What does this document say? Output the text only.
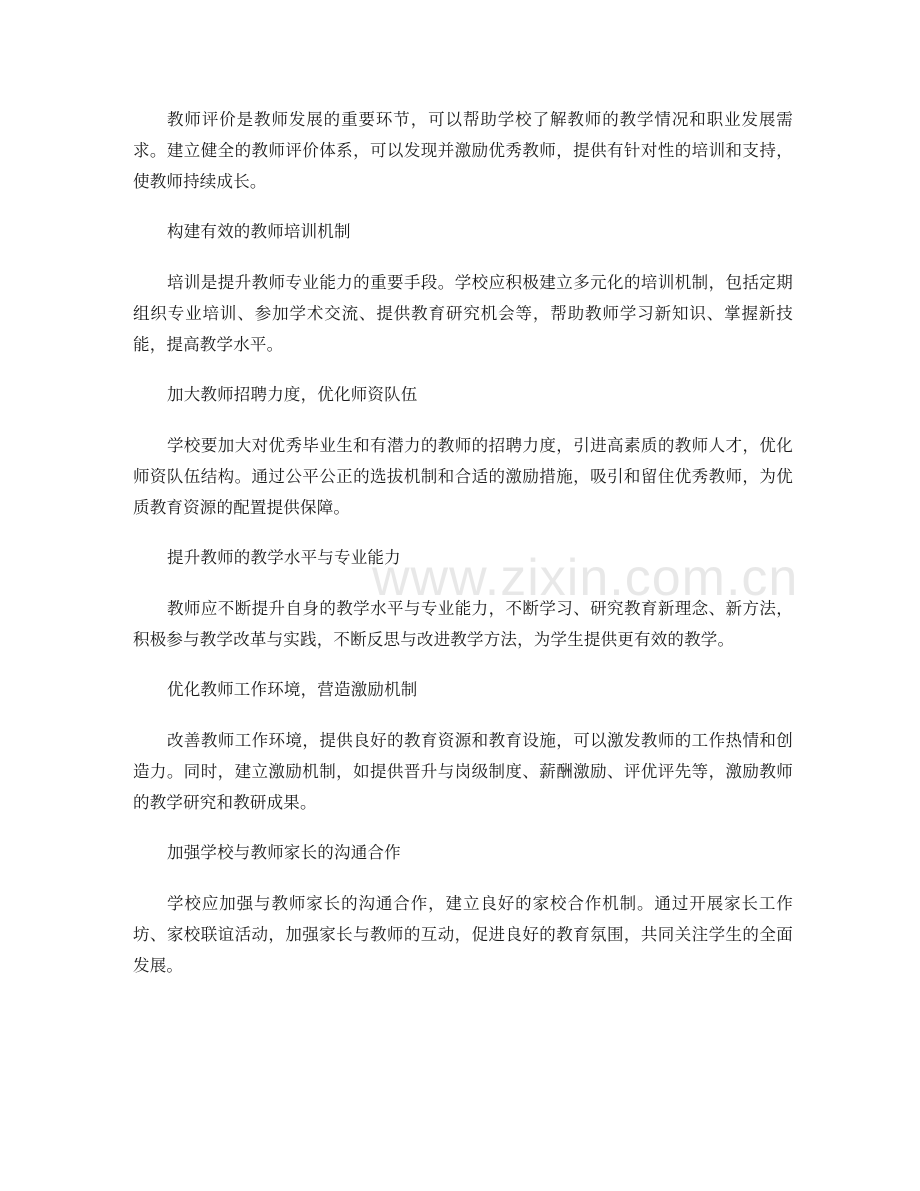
教师评价是教师发展的重要环节，可以帮助学校了解教师的教学情况和职业发展需求。建立健全的教师评价体系，可以发现并激励优秀教师，提供有针对性的培训和支持，使教师持续成长。

构建有效的教师培训机制

培训是提升教师专业能力的重要手段。学校应积极建立多元化的培训机制，包括定期组织专业培训、参加学术交流、提供教育研究机会等，帮助教师学习新知识、掌握新技能，提高教学水平。

加大教师招聘力度，优化师资队伍

学校要加大对优秀毕业生和有潜力的教师的招聘力度，引进高素质的教师人才，优化师资队伍结构。通过公平公正的选拔机制和合适的激励措施，吸引和留住优秀教师，为优质教育资源的配置提供保障。

提升教师的教学水平与专业能力

教师应不断提升自身的教学水平与专业能力，不断学习、研究教育新理念、新方法，积极参与教学改革与实践，不断反思与改进教学方法，为学生提供更有效的教学。

优化教师工作环境，营造激励机制

改善教师工作环境，提供良好的教育资源和教育设施，可以激发教师的工作热情和创造力。同时，建立激励机制，如提供晋升与岗级制度、薪酬激励、评优评先等，激励教师的教学研究和教研成果。

加强学校与教师家长的沟通合作

学校应加强与教师家长的沟通合作，建立良好的家校合作机制。通过开展家长工作坊、家校联谊活动，加强家长与教师的互动，促进良好的教育氛围，共同关注学生的全面发展。

www.zixin.com.cn
